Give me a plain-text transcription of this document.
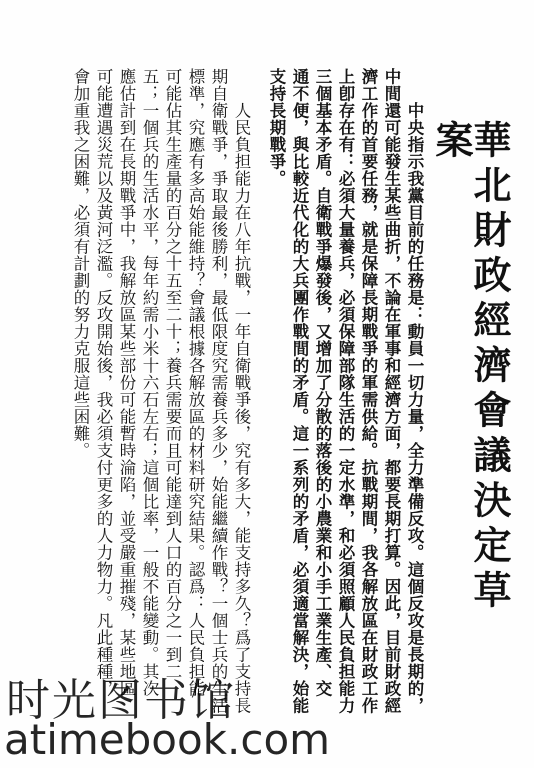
華北財政經濟會議決定草案
中央指示我黨目前的任務是：動員一切力量，全力準備反攻。這個反攻是長期的，
中間還可能發生某些曲折，不論在軍事和經濟方面，都要長期打算。因此，目前財政經
濟工作的首要任務，就是保障長期戰爭的軍需供給。抗戰期間，我各解放區在財政工作
上卽存在有：必須大量養兵，必須保障部隊生活的一定水準，和必須照顧人民負担能力
三個基本矛盾。自衛戰爭爆發後，又增加了分散的落後的小農業和小手工業生產、交
通不便，與比較近代化的大兵團作戰間的矛盾。這一系列的矛盾，必須適當解決，始能
支持長期戰爭。
人民負担能力在八年抗戰，一年自衛戰爭後，究有多大，能支持多久？爲了支持長
期自衛戰爭，爭取最後勝利，最低限度究需養兵多少，始能繼續作戰？一個士兵的生活
標準，究應有多高始能維持？會議根據各解放區的材料研究結果。認爲：人民負担能
可能佔其生產量的百分之十五至二十；養兵需要而且可能達到人口的百分之一到二
五；一個兵的生活水平，每年約需小米十六石左右；這個比率，一般不能變動。其次
應估計到在長期戰爭中，我解放區某些部份可能暫時淪陷，並受嚴重摧殘，某些地區
可能遭遇災荒以及黃河泛濫。反攻開始後，我必須支付更多的人力物力。凡此種種，
會加重我之困難，必須有計劃的努力克服這些困難。
时光图书馆
atimebook.com
